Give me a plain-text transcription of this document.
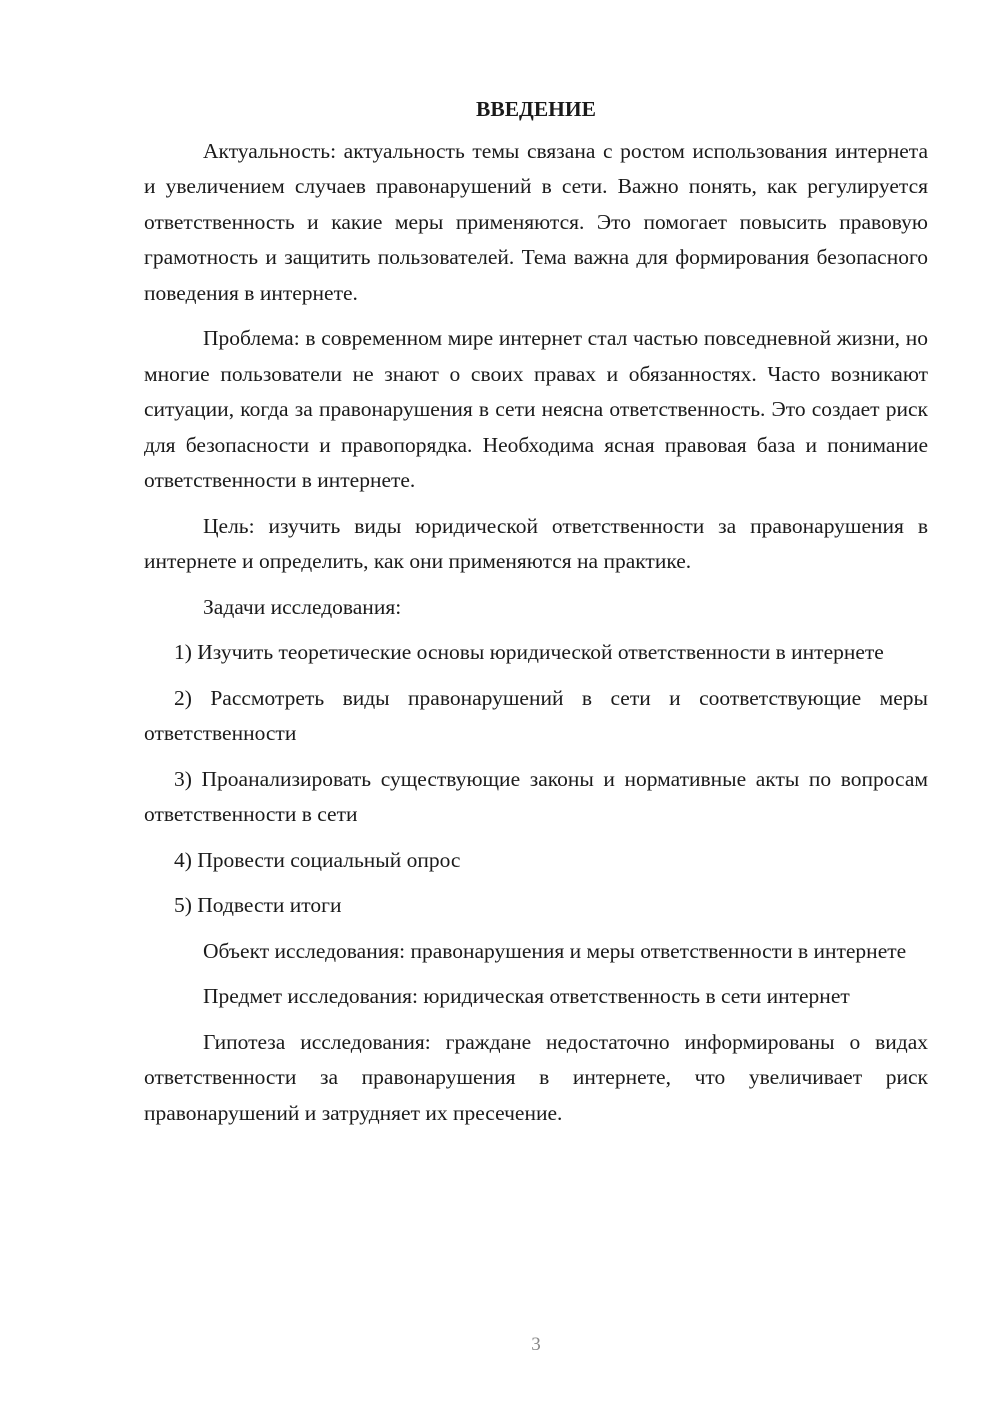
ВВЕДЕНИЕ

Актуальность: актуальность темы связана с ростом использования интернета и увеличением случаев правонарушений в сети. Важно понять, как регулируется ответственность и какие меры применяются. Это помогает повысить правовую грамотность и защитить пользователей. Тема важна для формирования безопасного поведения в интернете.

Проблема: в современном мире интернет стал частью повседневной жизни, но многие пользователи не знают о своих правах и обязанностях. Часто возникают ситуации, когда за правонарушения в сети неясна ответственность. Это создает риск для безопасности и правопорядка. Необходима ясная правовая база и понимание ответственности в интернете.

Цель: изучить виды юридической ответственности за правонарушения в интернете и определить, как они применяются на практике.

Задачи исследования:

1) Изучить теоретические основы юридической ответственности в интернете

2) Рассмотреть виды правонарушений в сети и соответствующие меры ответственности

3) Проанализировать существующие законы и нормативные акты по вопросам ответственности в сети

4) Провести социальный опрос

5) Подвести итоги

Объект исследования: правонарушения и меры ответственности в интернете

Предмет исследования: юридическая ответственность в сети интернет

Гипотеза исследования: граждане недостаточно информированы о видах ответственности за правонарушения в интернете, что увеличивает риск правонарушений и затрудняет их пресечение.

3
